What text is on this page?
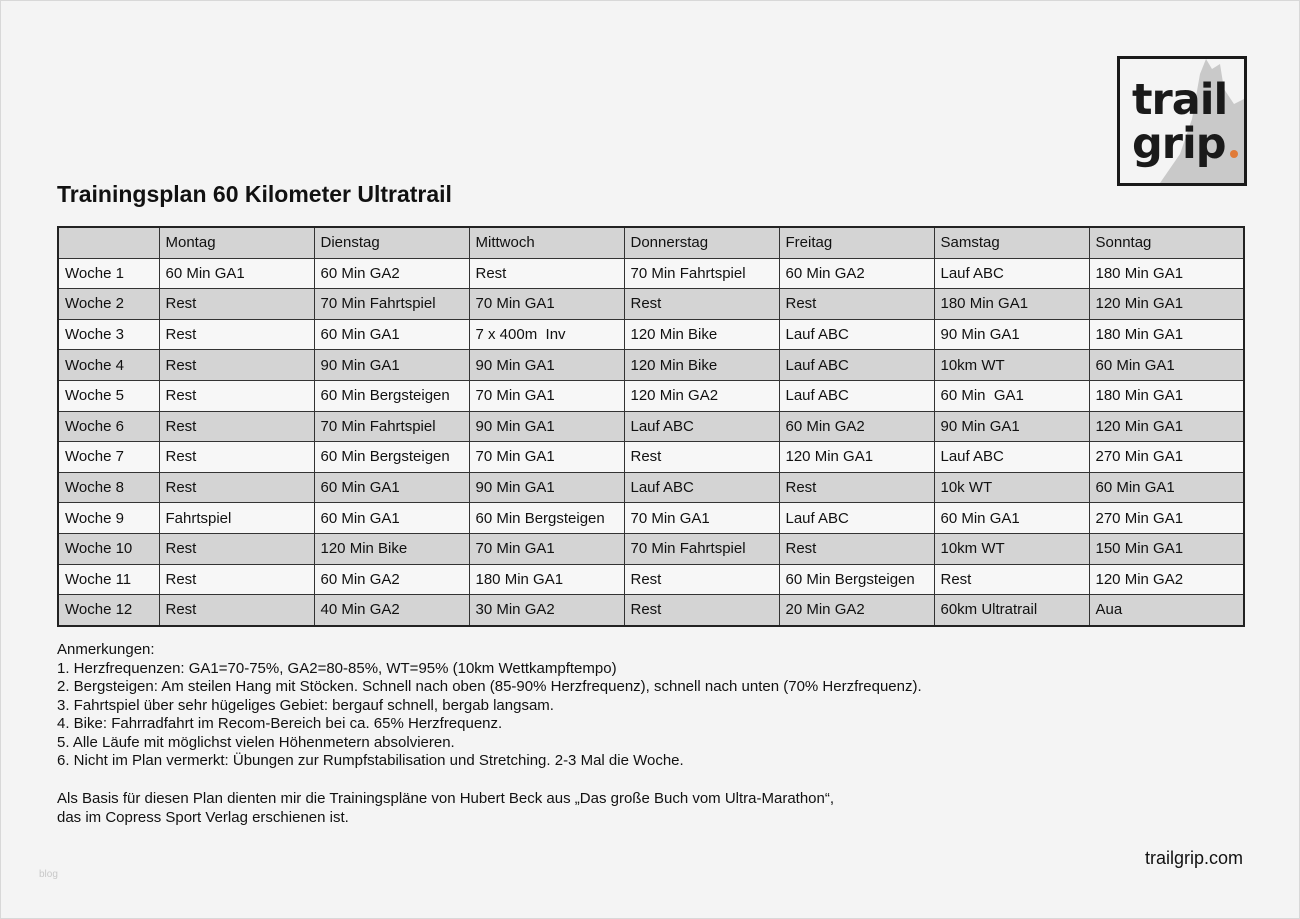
trail
grip
Trainingsplan 60 Kilometer Ultratrail
	Montag	Dienstag	Mittwoch	Donnerstag	Freitag	Samstag	Sonntag
Woche 1	60 Min GA1	60 Min GA2	Rest	70 Min Fahrtspiel	60 Min GA2	Lauf ABC	180 Min GA1
Woche 2	Rest	70 Min Fahrtspiel	70 Min GA1	Rest	Rest	180 Min GA1	120 Min GA1
Woche 3	Rest	60 Min GA1	7 x 400m  Inv	120 Min Bike	Lauf ABC	90 Min GA1	180 Min GA1
Woche 4	Rest	90 Min GA1	90 Min GA1	120 Min Bike	Lauf ABC	10km WT	60 Min GA1
Woche 5	Rest	60 Min Bergsteigen	70 Min GA1	120 Min GA2	Lauf ABC	60 Min  GA1	180 Min GA1
Woche 6	Rest	70 Min Fahrtspiel	90 Min GA1	Lauf ABC	60 Min GA2	90 Min GA1	120 Min GA1
Woche 7	Rest	60 Min Bergsteigen	70 Min GA1	Rest	120 Min GA1	Lauf ABC	270 Min GA1
Woche 8	Rest	60 Min GA1	90 Min GA1	Lauf ABC	Rest	10k WT	60 Min GA1
Woche 9	Fahrtspiel	60 Min GA1	60 Min Bergsteigen	70 Min GA1	Lauf ABC	60 Min GA1	270 Min GA1
Woche 10	Rest	120 Min Bike	70 Min GA1	70 Min Fahrtspiel	Rest	10km WT	150 Min GA1
Woche 11	Rest	60 Min GA2	180 Min GA1	Rest	60 Min Bergsteigen	Rest	120 Min GA2
Woche 12	Rest	40 Min GA2	30 Min GA2	Rest	20 Min GA2	60km Ultratrail	Aua
Anmerkungen:
1. Herzfrequenzen: GA1=70-75%, GA2=80-85%, WT=95% (10km Wettkampftempo)
2. Bergsteigen: Am steilen Hang mit Stöcken. Schnell nach oben (85-90% Herzfrequenz), schnell nach unten (70% Herzfrequenz).
3. Fahrtspiel über sehr hügeliges Gebiet: bergauf schnell, bergab langsam.
4. Bike: Fahrradfahrt im Recom-Bereich bei ca. 65% Herzfrequenz.
5. Alle Läufe mit möglichst vielen Höhenmetern absolvieren.
6. Nicht im Plan vermerkt: Übungen zur Rumpfstabilisation und Stretching. 2-3 Mal die Woche.
Als Basis für diesen Plan dienten mir die Trainingspläne von Hubert Beck aus „Das große Buch vom Ultra-Marathon“,
das im Copress Sport Verlag erschienen ist.
trailgrip.com
blog
